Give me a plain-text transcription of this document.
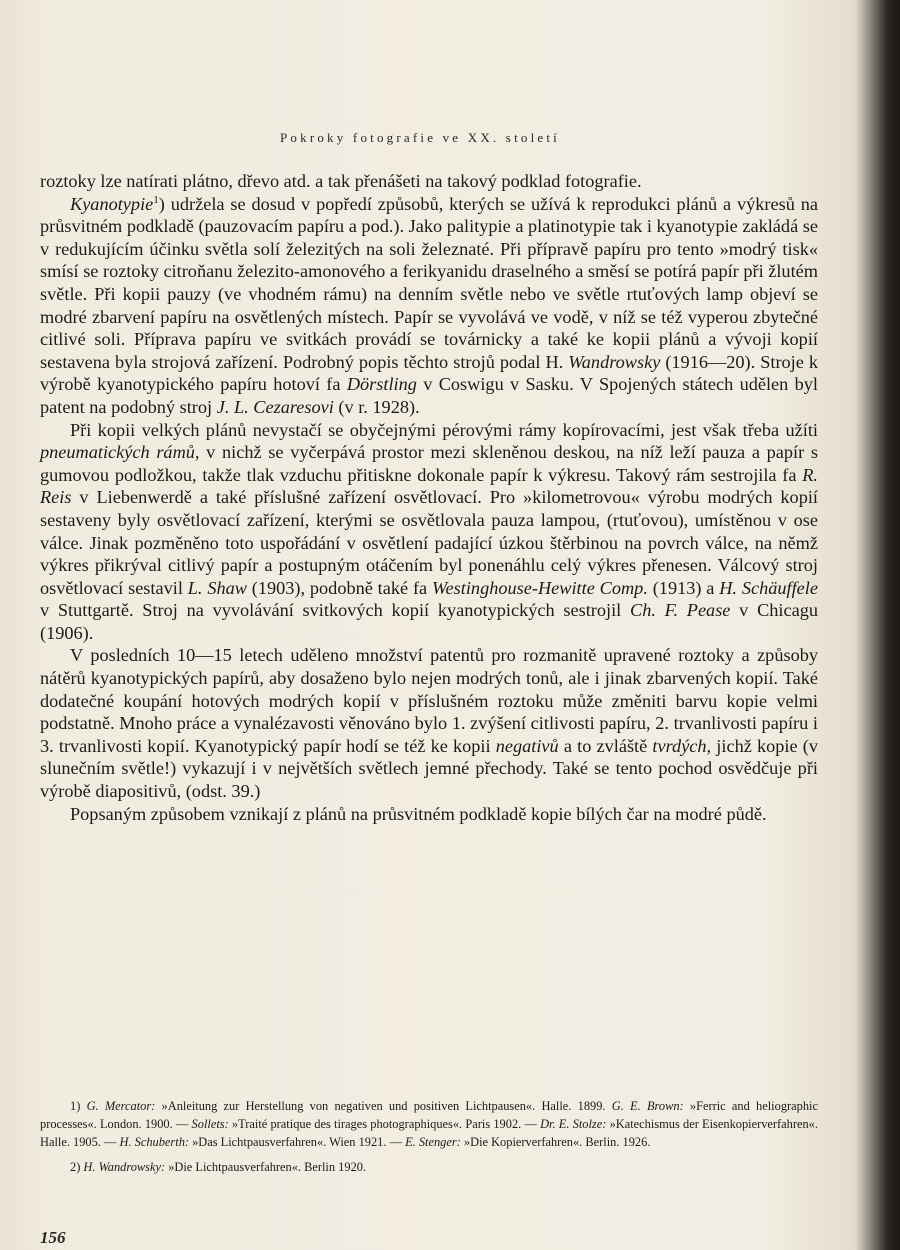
Pokroky fotografie ve XX. století

roztoky lze natírati plátno, dřevo atd. a tak přenášeti na takový podklad fotografie.

Kyanotypie$^1$) udržela se dosud v popředí způsobů, kterých se užívá k reprodukci plánů a výkresů na průsvitném podkladě (pauzovacím papíru a pod.). Jako palitypie a platinotypie tak i kyanotypie zakládá se v redukujícím účinku světla solí železitých na soli železnaté. Při přípravě papíru pro tento »modrý tisk« smísí se roztoky citroňanu železito-amonového a ferikyanidu draselného a směsí se potírá papír při žlutém světle. Při kopii pauzy (ve vhodném rámu) na denním světle nebo ve světle rtuťových lamp objeví se modré zbarvení papíru na osvětlených místech. Papír se vyvolává ve vodě, v níž se též vyperou zbytečné citlivé soli. Příprava papíru ve svitkách provádí se továrnicky a také ke kopii plánů a vývoji kopií sestavena byla strojová zařízení. Podrobný popis těchto strojů podal H. Wandrowsky (1916—20). Stroje k výrobě kyanotypického papíru hotoví fa Dörstling v Coswigu v Sasku. V Spojených státech udělen byl patent na podobný stroj J. L. Cezaresovi (v r. 1928).

Při kopii velkých plánů nevystačí se obyčejnými pérovými rámy kopírovacími, jest však třeba užíti pneumatických rámů, v nichž se vyčerpává prostor mezi skleněnou deskou, na níž leží pauza a papír s gumovou podložkou, takže tlak vzduchu přitiskne dokonale papír k výkresu. Takový rám sestrojila fa R. Reis v Liebenwerdě a také příslušné zařízení osvětlovací. Pro »kilometrovou« výrobu modrých kopií sestaveny byly osvětlovací zařízení, kterými se osvětlovala pauza lampou, (rtuťovou), umístěnou v ose válce. Jinak pozměněno toto uspořádání v osvětlení padající úzkou štěrbinou na povrch válce, na němž výkres přikrýval citlivý papír a postupným otáčením byl ponenáhlu celý výkres přenesen. Válcový stroj osvětlovací sestavil L. Shaw (1903), podobně také fa Westinghouse-Hewitte Comp. (1913) a H. Schäuffele v Stuttgartě. Stroj na vyvolávání svitkových kopií kyanotypických sestrojil Ch. F. Pease v Chicagu (1906).

V posledních 10—15 letech uděleno množství patentů pro rozmanitě upravené roztoky a způsoby nátěrů kyanotypických papírů, aby dosaženo bylo nejen modrých tonů, ale i jinak zbarvených kopií. Také dodatečné koupání hotových modrých kopií v příslušném roztoku může změniti barvu kopie velmi podstatně. Mnoho práce a vynalézavosti věnováno bylo 1. zvýšení citlivosti papíru, 2. trvanlivosti papíru i 3. trvanlivosti kopií. Kyanotypický papír hodí se též ke kopii negativů a to zvláště tvrdých, jichž kopie (v slunečním světle!) vykazují i v největších světlech jemné přechody. Také se tento pochod osvědčuje při výrobě diapositivů, (odst. 39.)

Popsaným způsobem vznikají z plánů na průsvitném podkladě kopie bílých čar na modré půdě.

1) G. Mercator: »Anleitung zur Herstellung von negativen und positiven Lichtpausen«. Halle. 1899. G. E. Brown: »Ferric and heliographic processes«. London. 1900. — Sollets: »Traité pratique des tirages photographiques«. Paris 1902. — Dr. E. Stolze: »Katechismus der Eisenkopierverfahren«. Halle. 1905. — H. Schuberth: »Das Lichtpausverfahren«. Wien 1921. — E. Stenger: »Die Kopierverfahren«. Berlin. 1926.

2) H. Wandrowsky: »Die Lichtpausverfahren«. Berlin 1920.

156
